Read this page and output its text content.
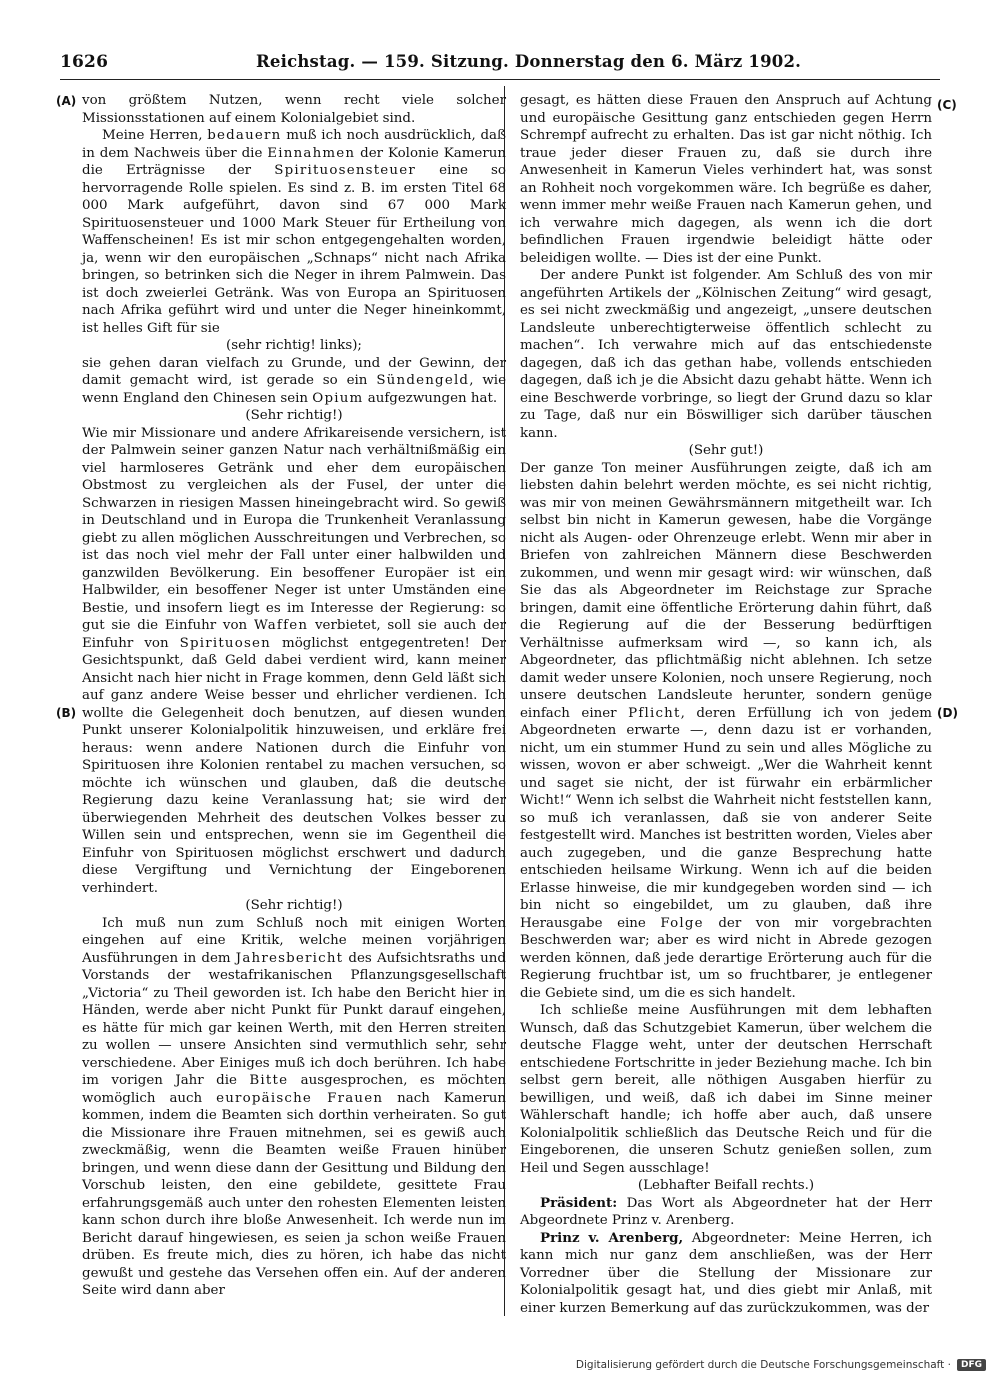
1626	Reichstag. — 159. Sitzung. Donnerstag den 6. März 1902.
(A)
(B)
(C)
(D)

von größtem Nutzen, wenn recht viele solcher Missionsstationen auf einem Kolonialgebiet sind.

Meine Herren, bedauern muß ich noch ausdrücklich, daß in dem Nachweis über die Einnahmen der Kolonie Kamerun die Erträgnisse der Spirituosensteuer eine so hervorragende Rolle spielen. Es sind z. B. im ersten Titel 68 000 Mark aufgeführt, davon sind 67 000 Mark Spirituosensteuer und 1000 Mark Steuer für Ertheilung von Waffenscheinen! Es ist mir schon entgegengehalten worden, ja, wenn wir den europäischen „Schnaps“ nicht nach Afrika bringen, so betrinken sich die Neger in ihrem Palmwein. Das ist doch zweierlei Getränk. Was von Europa an Spirituosen nach Afrika geführt wird und unter die Neger hineinkommt, ist helles Gift für sie

(sehr richtig! links);

sie gehen daran vielfach zu Grunde, und der Gewinn, der damit gemacht wird, ist gerade so ein Sündengeld, wie wenn England den Chinesen sein Opium aufgezwungen hat.

(Sehr richtig!)

Wie mir Missionare und andere Afrikareisende versichern, ist der Palmwein seiner ganzen Natur nach verhältnißmäßig ein viel harmloseres Getränk und eher dem europäischen Obstmost zu vergleichen als der Fusel, der unter die Schwarzen in riesigen Massen hineingebracht wird. So gewiß in Deutschland und in Europa die Trunkenheit Veranlassung giebt zu allen möglichen Ausschreitungen und Verbrechen, so ist das noch viel mehr der Fall unter einer halbwilden und ganzwilden Bevölkerung. Ein besoffener Europäer ist ein Halbwilder, ein besoffener Neger ist unter Umständen eine Bestie, und insofern liegt es im Interesse der Regierung: so gut sie die Einfuhr von Waffen verbietet, soll sie auch der Einfuhr von Spirituosen möglichst entgegentreten! Der Gesichtspunkt, daß Geld dabei verdient wird, kann meiner Ansicht nach hier nicht in Frage kommen, denn Geld läßt sich auf ganz andere Weise besser und ehrlicher verdienen. Ich wollte die Gelegenheit doch benutzen, auf diesen wunden Punkt unserer Kolonialpolitik hinzuweisen, und erkläre frei heraus: wenn andere Nationen durch die Einfuhr von Spirituosen ihre Kolonien rentabel zu machen versuchen, so möchte ich wünschen und glauben, daß die deutsche Regierung dazu keine Veranlassung hat; sie wird der überwiegenden Mehrheit des deutschen Volkes besser zu Willen sein und entsprechen, wenn sie im Gegentheil die Einfuhr von Spirituosen möglichst erschwert und dadurch diese Vergiftung und Vernichtung der Eingeborenen verhindert.

(Sehr richtig!)

Ich muß nun zum Schluß noch mit einigen Worten eingehen auf eine Kritik, welche meinen vorjährigen Ausführungen in dem Jahresbericht des Aufsichtsraths und Vorstands der westafrikanischen Pflanzungsgesellschaft „Victoria“ zu Theil geworden ist. Ich habe den Bericht hier in Händen, werde aber nicht Punkt für Punkt darauf eingehen, es hätte für mich gar keinen Werth, mit den Herren streiten zu wollen — unsere Ansichten sind vermuthlich sehr, sehr verschiedene. Aber Einiges muß ich doch berühren. Ich habe im vorigen Jahr die Bitte ausgesprochen, es möchten womöglich auch europäische Frauen nach Kamerun kommen, indem die Beamten sich dorthin verheiraten. So gut die Missionare ihre Frauen mitnehmen, sei es gewiß auch zweckmäßig, wenn die Beamten weiße Frauen hinüber bringen, und wenn diese dann der Gesittung und Bildung den Vorschub leisten, den eine gebildete, gesittete Frau erfahrungsgemäß auch unter den rohesten Elementen leisten kann schon durch ihre bloße Anwesenheit. Ich werde nun im Bericht darauf hingewiesen, es seien ja schon weiße Frauen drüben. Es freute mich, dies zu hören, ich habe das nicht gewußt und gestehe das Versehen offen ein. Auf der anderen Seite wird dann aber

gesagt, es hätten diese Frauen den Anspruch auf Achtung und europäische Gesittung ganz entschieden gegen Herrn Schrempf aufrecht zu erhalten. Das ist gar nicht nöthig. Ich traue jeder dieser Frauen zu, daß sie durch ihre Anwesenheit in Kamerun Vieles verhindert hat, was sonst an Rohheit noch vorgekommen wäre. Ich begrüße es daher, wenn immer mehr weiße Frauen nach Kamerun gehen, und ich verwahre mich dagegen, als wenn ich die dort befindlichen Frauen irgendwie beleidigt hätte oder beleidigen wollte. — Dies ist der eine Punkt.

Der andere Punkt ist folgender. Am Schluß des von mir angeführten Artikels der „Kölnischen Zeitung“ wird gesagt, es sei nicht zweckmäßig und angezeigt, „unsere deutschen Landsleute unberechtigterweise öffentlich schlecht zu machen“. Ich verwahre mich auf das entschiedenste dagegen, daß ich das gethan habe, vollends entschieden dagegen, daß ich je die Absicht dazu gehabt hätte. Wenn ich eine Beschwerde vorbringe, so liegt der Grund dazu so klar zu Tage, daß nur ein Böswilliger sich darüber täuschen kann.

(Sehr gut!)

Der ganze Ton meiner Ausführungen zeigte, daß ich am liebsten dahin belehrt werden möchte, es sei nicht richtig, was mir von meinen Gewährsmännern mitgetheilt war. Ich selbst bin nicht in Kamerun gewesen, habe die Vorgänge nicht als Augen- oder Ohrenzeuge erlebt. Wenn mir aber in Briefen von zahlreichen Männern diese Beschwerden zukommen, und wenn mir gesagt wird: wir wünschen, daß Sie das als Abgeordneter im Reichstage zur Sprache bringen, damit eine öffentliche Erörterung dahin führt, daß die Regierung auf die der Besserung bedürftigen Verhältnisse aufmerksam wird —, so kann ich, als Abgeordneter, das pflichtmäßig nicht ablehnen. Ich setze damit weder unsere Kolonien, noch unsere Regierung, noch unsere deutschen Landsleute herunter, sondern genüge einfach einer Pflicht, deren Erfüllung ich von jedem Abgeordneten erwarte —, denn dazu ist er vorhanden, nicht, um ein stummer Hund zu sein und alles Mögliche zu wissen, wovon er aber schweigt. „Wer die Wahrheit kennt und saget sie nicht, der ist fürwahr ein erbärmlicher Wicht!“ Wenn ich selbst die Wahrheit nicht feststellen kann, so muß ich veranlassen, daß sie von anderer Seite festgestellt wird. Manches ist bestritten worden, Vieles aber auch zugegeben, und die ganze Besprechung hatte entschieden heilsame Wirkung. Wenn ich auf die beiden Erlasse hinweise, die mir kundgegeben worden sind — ich bin nicht so eingebildet, um zu glauben, daß ihre Herausgabe eine Folge der von mir vorgebrachten Beschwerden war; aber es wird nicht in Abrede gezogen werden können, daß jede derartige Erörterung auch für die Regierung fruchtbar ist, um so fruchtbarer, je entlegener die Gebiete sind, um die es sich handelt.

Ich schließe meine Ausführungen mit dem lebhaften Wunsch, daß das Schutzgebiet Kamerun, über welchem die deutsche Flagge weht, unter der deutschen Herrschaft entschiedene Fortschritte in jeder Beziehung mache. Ich bin selbst gern bereit, alle nöthigen Ausgaben hierfür zu bewilligen, und weiß, daß ich dabei im Sinne meiner Wählerschaft handle; ich hoffe aber auch, daß unsere Kolonialpolitik schließlich das Deutsche Reich und für die Eingeborenen, die unseren Schutz genießen sollen, zum Heil und Segen ausschlage!

(Lebhafter Beifall rechts.)

Präsident: Das Wort als Abgeordneter hat der Herr Abgeordnete Prinz v. Arenberg.

Prinz v. Arenberg, Abgeordneter: Meine Herren, ich kann mich nur ganz dem anschließen, was der Herr Vorredner über die Stellung der Missionare zur Kolonialpolitik gesagt hat, und dies giebt mir Anlaß, mit einer kurzen Bemerkung auf das zurückzukommen, was der

Digitalisierung gefördert durch die Deutsche Forschungsgemeinschaft ·	DFG
